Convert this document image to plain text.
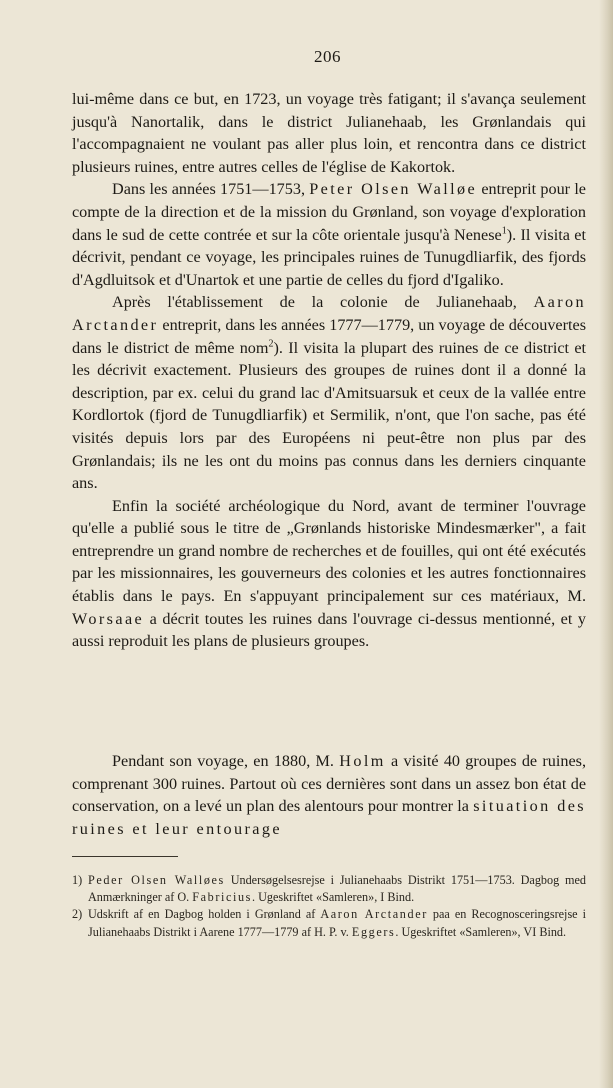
206

lui-même dans ce but, en 1723, un voyage très fatigant; il s'avança seulement jusqu'à Nanortalik, dans le district Julianehaab, les Grønlandais qui l'accompagnaient ne voulant pas aller plus loin, et rencontra dans ce district plusieurs ruines, entre autres celles de l'église de Kakortok.

Dans les années 1751—1753, Peter Olsen Walløe entreprit pour le compte de la direction et de la mission du Grønland, son voyage d'exploration dans le sud de cette contrée et sur la côte orientale jusqu'à Nenese$^1$). Il visita et décrivit, pendant ce voyage, les principales ruines de Tunugdliarfik, des fjords d'Agdluitsok et d'Unartok et une partie de celles du fjord d'Igaliko.

Après l'établissement de la colonie de Julianehaab, Aaron Arctander entreprit, dans les années 1777—1779, un voyage de découvertes dans le district de même nom$^2$). Il visita la plupart des ruines de ce district et les décrivit exactement. Plusieurs des groupes de ruines dont il a donné la description, par ex. celui du grand lac d'Amitsuarsuk et ceux de la vallée entre Kordlortok (fjord de Tunugdliarfik) et Sermilik, n'ont, que l'on sache, pas été visités depuis lors par des Européens ni peut-être non plus par des Grønlandais; ils ne les ont du moins pas connus dans les derniers cinquante ans.

Enfin la société archéologique du Nord, avant de terminer l'ouvrage qu'elle a publié sous le titre de „Grønlands historiske Mindesmærker", a fait entreprendre un grand nombre de recherches et de fouilles, qui ont été exécutés par les missionnaires, les gouverneurs des colonies et les autres fonctionnaires établis dans le pays. En s'appuyant principalement sur ces matériaux, M. Worsaae a décrit toutes les ruines dans l'ouvrage ci-dessus mentionné, et y aussi reproduit les plans de plusieurs groupes.

Pendant son voyage, en 1880, M. Holm a visité 40 groupes de ruines, comprenant 300 ruines. Partout où ces dernières sont dans un assez bon état de conservation, on a levé un plan des alentours pour montrer la situation des ruines et leur entourage

1) Peder Olsen Walløes Undersøgelsesrejse i Julianehaabs Distrikt 1751—1753. Dagbog med Anmærkninger af O. Fabricius. Ugeskriftet «Samleren», I Bind.

2) Udskrift af en Dagbog holden i Grønland af Aaron Arctander paa en Recognosceringsrejse i Julianehaabs Distrikt i Aarene 1777—1779 af H. P. v. Eggers. Ugeskriftet «Samleren», VI Bind.
